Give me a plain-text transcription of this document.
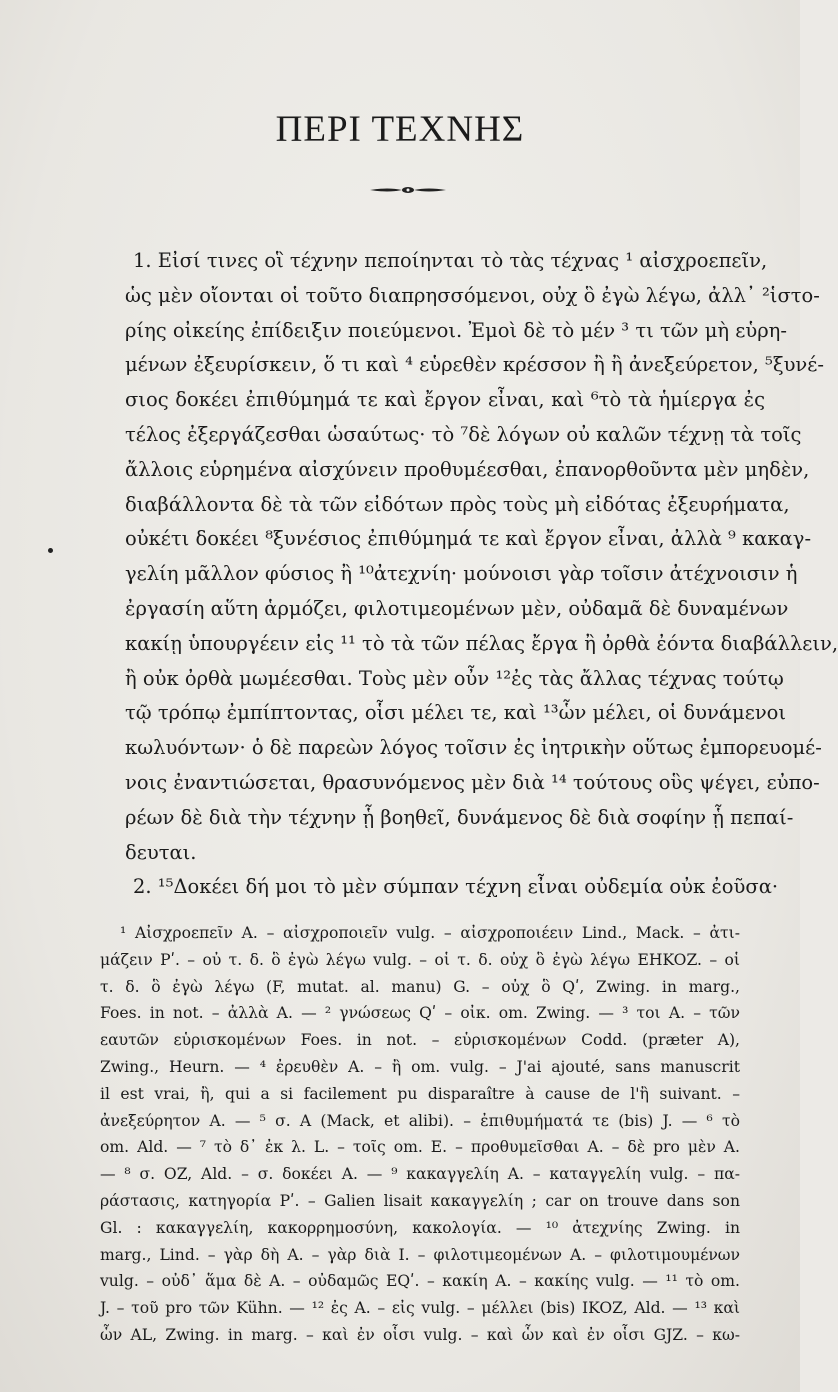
ΠΕΡΙ ΤΕΧΝΗΣ
1. Εἰσί τινες οἳ τέχνην πεποίηνται τὸ τὰς τέχνας ¹ αἰσχροεπεῖν,
ὡς μὲν οἴονται οἱ τοῦτο διαπρησσόμενοι, οὐχ ὃ ἐγὼ λέγω, ἀλλ᾽ ²ἱστο-
ρίης οἰκείης ἐπίδειξιν ποιεύμενοι. Ἐμοὶ δὲ τὸ μέν ³ τι τῶν μὴ εὑρη-
μένων ἐξευρίσκειν, ὅ τι καὶ ⁴ εὑρεθὲν κρέσσον ἢ ἢ ἀνεξεύρετον, ⁵ξυνέ-
σιος δοκέει ἐπιθύμημά τε καὶ ἔργον εἶναι, καὶ ⁶τὸ τὰ ἡμίεργα ἐς
τέλος ἐξεργάζεσθαι ὡσαύτως· τὸ ⁷δὲ λόγων οὐ καλῶν τέχνῃ τὰ τοῖς
ἄλλοις εὑρημένα αἰσχύνειν προθυμέεσθαι, ἐπανορθοῦντα μὲν μηδὲν,
διαβάλλοντα δὲ τὰ τῶν εἰδότων πρὸς τοὺς μὴ εἰδότας ἐξευρήματα,
οὐκέτι δοκέει ⁸ξυνέσιος ἐπιθύμημά τε καὶ ἔργον εἶναι, ἀλλὰ ⁹ κακαγ-
γελίη μᾶλλον φύσιος ἢ ¹⁰ἀτεχνίη· μούνοισι γὰρ τοῖσιν ἀτέχνοισιν ἡ
ἐργασίη αὕτη ἁρμόζει, φιλοτιμεομένων μὲν, οὐδαμᾶ δὲ δυναμένων
κακίῃ ὑπουργέειν εἰς ¹¹ τὸ τὰ τῶν πέλας ἔργα ἢ ὀρθὰ ἐόντα διαβάλλειν,
ἢ οὐκ ὀρθὰ μωμέεσθαι. Τοὺς μὲν οὖν ¹²ἐς τὰς ἄλλας τέχνας τούτῳ
τῷ τρόπῳ ἐμπίπτοντας, οἷσι μέλει τε, καὶ ¹³ὧν μέλει, οἱ δυνάμενοι
κωλυόντων· ὁ δὲ παρεὼν λόγος τοῖσιν ἐς ἰητρικὴν οὕτως ἐμπορευομέ-
νοις ἐναντιώσεται, θρασυνόμενος μὲν διὰ ¹⁴ τούτους οὓς ψέγει, εὐπο-
ρέων δὲ διὰ τὴν τέχνην ᾗ βοηθεῖ, δυνάμενος δὲ διὰ σοφίην ᾗ πεπαί-
δευται.
2. ¹⁵Δοκέει δή μοι τὸ μὲν σύμπαν τέχνη εἶναι οὐδεμία οὐκ ἐοῦσα·
¹ Αἰσχροεπεῖν A. – αἰσχροποιεῖν vulg. – αἰσχροποιέειν Lind., Mack. – ἀτι-
μάζειν Pʹ. – οὐ τ. δ. ὃ ἐγὼ λέγω vulg. – οἱ τ. δ. οὐχ ὃ ἐγὼ λέγω EHKOZ. – οἱ
τ. δ. ὃ ἐγὼ λέγω (F, mutat. al. manu) G. – οὐχ ὃ Qʹ, Zwing. in marg.,
Foes. in not. – ἀλλὰ A. — ² γνώσεως Qʹ – οἰκ. om. Zwing. — ³ τοι A. – τῶν
εαυτῶν εὑρισκομένων Foes. in not. – εὑρισκομένων Codd. (præter A),
Zwing., Heurn. — ⁴ ἐρευθὲν A. – ἢ om. vulg. – J'ai ajouté, sans manuscrit
il est vrai, ἢ, qui a si facilement pu disparaître à cause de l'ἢ suivant. –
ἀνεξεύρητον A. — ⁵ σ. A (Mack, et alibi). – ἐπιθυμήματά τε (bis) J. — ⁶ τὸ
om. Ald. — ⁷ τὸ δ᾽ ἐκ λ. L. – τοῖς om. E. – προθυμεῖσθαι A. – δὲ pro μὲν A.
— ⁸ σ. OZ, Ald. – σ. δοκέει A. — ⁹ κακαγγελίη A. – καταγγελίη vulg. – πα-
ράστασις, κατηγορία Pʹ. – Galien lisait κακαγγελίη ; car on trouve dans son
Gl. : κακαγγελίη, κακορρημοσύνη, κακολογία. — ¹⁰ ἀτεχνίης Zwing. in
marg., Lind. – γὰρ δὴ A. – γὰρ διὰ I. – φιλοτιμεομένων A. – φιλοτιμουμένων
vulg. – οὐδ᾽ ἅμα δὲ A. – οὐδαμῶς EQʹ. – κακίη A. – κακίης vulg. — ¹¹ τὸ om.
J. – τοῦ pro τῶν Kühn. — ¹² ἐς A. – εἰς vulg. – μέλλει (bis) IKOZ, Ald. — ¹³ καὶ
ὧν AL, Zwing. in marg. – καὶ ἐν οἷσι vulg. – καὶ ὧν καὶ ἐν οἷσι GJZ. – κω-
